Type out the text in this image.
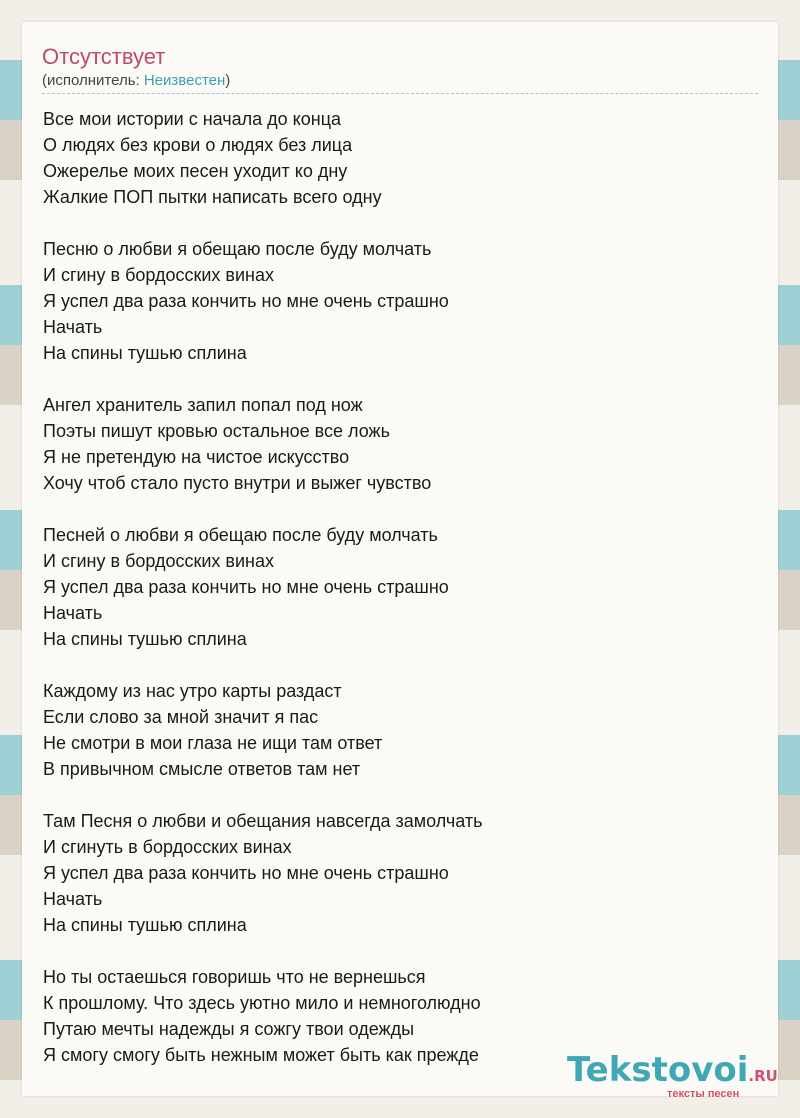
Отсутствует
(исполнитель: Неизвестен)
Все мои истории с начала до конца
О людях без крови о людях без лица
Ожерелье моих песен уходит ко дну
Жалкие ПОП пытки написать всего одну
Песню о любви я обещаю после буду молчать
И сгину в бордосских винах
Я успел два раза кончить но мне очень страшно
Начать
На спины тушью сплина
Ангел хранитель запил попал под нож
Поэты пишут кровью остальное все ложь
Я не претендую на чистое искусство
Хочу чтоб стало пусто внутри и выжег чувство
Песней о любви я обещаю после буду молчать
И сгину в бордосских винах
Я успел два раза кончить но мне очень страшно
Начать
На спины тушью сплина
Каждому из нас утро карты раздаст
Если слово за мной значит я пас
Не смотри в мои глаза не ищи там ответ
В привычном смысле ответов там нет
Там Песня о любви и обещания навсегда замолчать
И сгинуть в бордосских винах
Я успел два раза кончить но мне очень страшно
Начать
На спины тушью сплина
Но ты остаешься говоришь что не вернешься
К прошлому. Что здесь уютно мило и немноголюдно
Путаю мечты надежды я сожгу твои одежды
Я смогу смогу быть нежным может быть как прежде	Tekstovoi.RU
тексты песен
